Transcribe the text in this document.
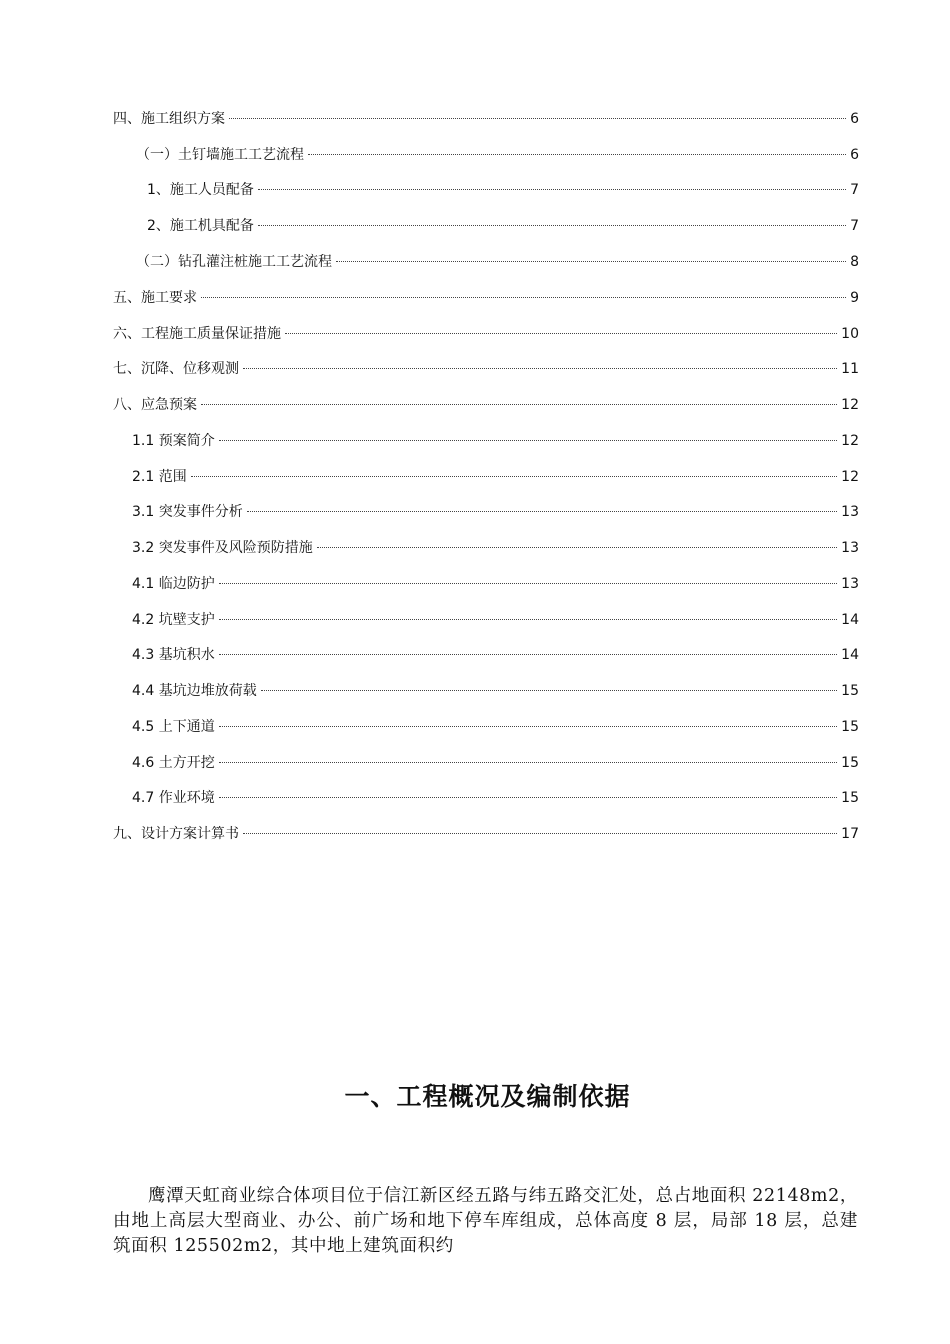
四、施工组织方案	6
（一）土钉墙施工工艺流程	6
1、施工人员配备	7
2、施工机具配备	7
（二）钻孔灌注桩施工工艺流程	8
五、施工要求	9
六、工程施工质量保证措施	10
七、沉降、位移观测	11
八、应急预案	12
1.1 预案简介	12
2.1 范围	12
3.1 突发事件分析	13
3.2 突发事件及风险预防措施	13
4.1 临边防护	13
4.2 坑壁支护	14
4.3 基坑积水	14
4.4 基坑边堆放荷载	15
4.5 上下通道	15
4.6 土方开挖	15
4.7 作业环境	15
九、设计方案计算书	17
一、工程概况及编制依据

鹰潭天虹商业综合体项目位于信江新区经五路与纬五路交汇处，总占地面积 22148m2，由地上高层大型商业、办公、前广场和地下停车库组成，总体高度 8 层，局部 18 层，总建筑面积 125502m2，其中地上建筑面积约
